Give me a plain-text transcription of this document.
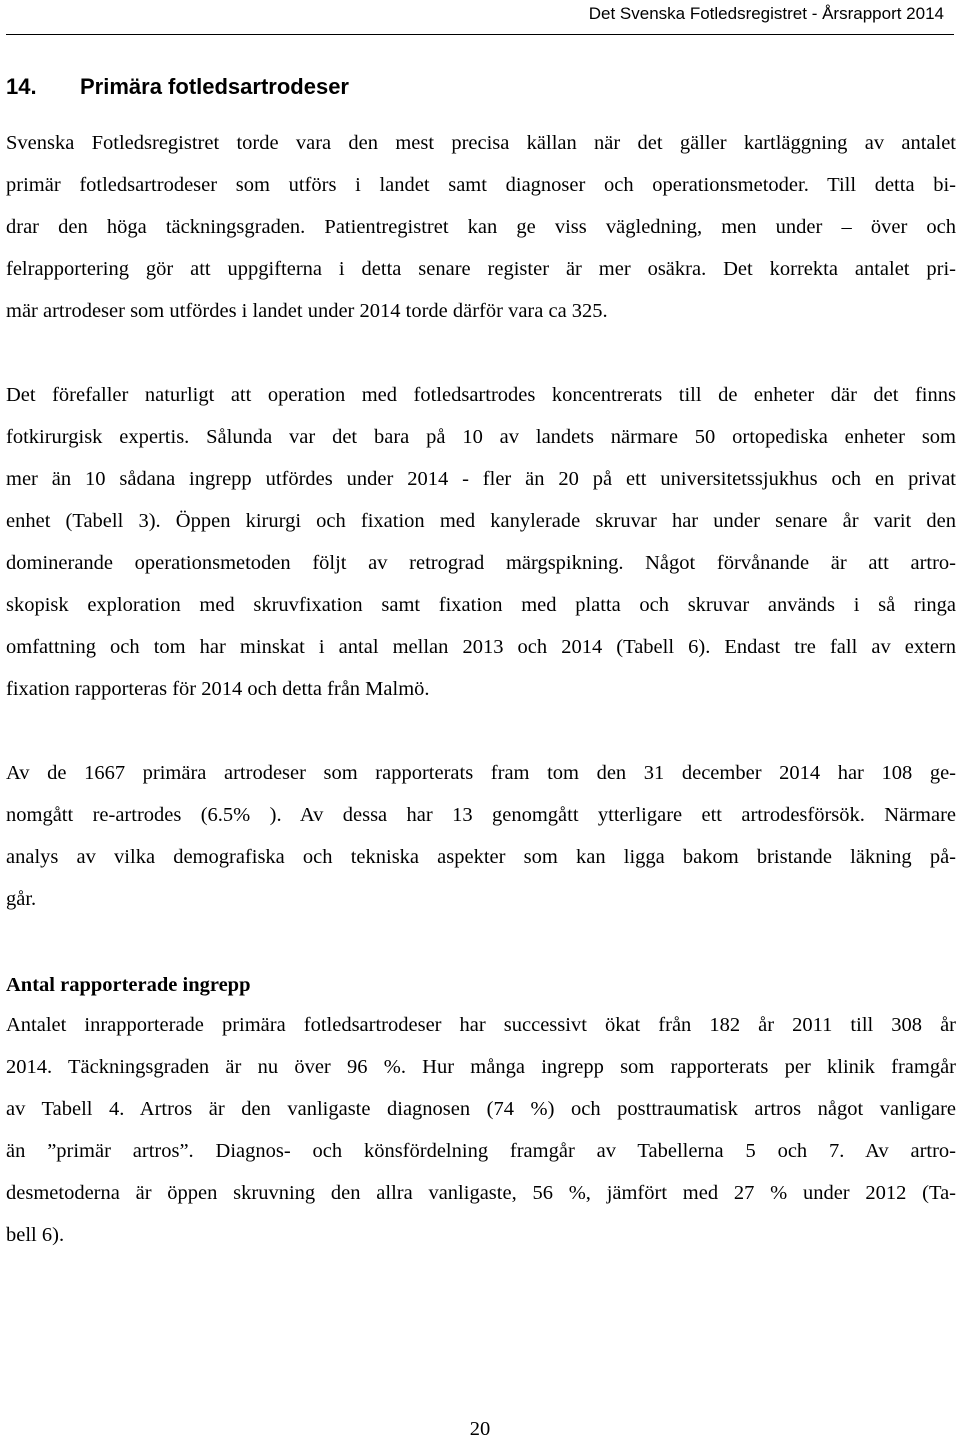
Det Svenska Fotledsregistret - Årsrapport 2014
14. Primära fotledsartrodeser

Svenska Fotledsregistret torde vara den mest precisa källan när det gäller kartläggning av antalet
primär fotledsartrodeser som utförs i landet samt diagnoser och operationsmetoder. Till detta bi-
drar den höga täckningsgraden. Patientregistret kan ge viss vägledning, men under – över och
felrapportering gör att uppgifterna i detta senare register är mer osäkra. Det korrekta antalet pri-
mär artrodeser som utfördes i landet under 2014 torde därför vara ca 325.

Det förefaller naturligt att operation med fotledsartrodes koncentrerats till de enheter där det finns
fotkirurgisk expertis. Sålunda var det bara på 10 av landets närmare 50 ortopediska enheter som
mer än 10 sådana ingrepp utfördes under 2014 - fler än 20 på ett universitetssjukhus och en privat
enhet (Tabell 3). Öppen kirurgi och fixation med kanylerade skruvar har under senare år varit den
dominerande operationsmetoden följt av retrograd märgspikning. Något förvånande är att artro-
skopisk exploration med skruvfixation samt fixation med platta och skruvar används i så ringa
omfattning och tom har minskat i antal mellan 2013 och 2014 (Tabell 6). Endast tre fall av extern
fixation rapporteras för 2014 och detta från Malmö.

Av de 1667 primära artrodeser som rapporterats fram tom den 31 december 2014 har 108 ge-
nomgått re-artrodes (6.5% ). Av dessa har 13 genomgått ytterligare ett artrodesförsök. Närmare
analys av vilka demografiska och tekniska aspekter som kan ligga bakom bristande läkning på-
går.

Antal rapporterade ingrepp

Antalet inrapporterade primära fotledsartrodeser har successivt ökat från 182 år 2011 till 308 år
2014. Täckningsgraden är nu över 96 %. Hur många ingrepp som rapporterats per klinik framgår
av Tabell 4. Artros är den vanligaste diagnosen (74 %) och posttraumatisk artros något vanligare
än ”primär artros”. Diagnos- och könsfördelning framgår av Tabellerna 5 och 7. Av artro-
desmetoderna är öppen skruvning den allra vanligaste, 56 %, jämfört med 27 % under 2012 (Ta-
bell 6).

20
